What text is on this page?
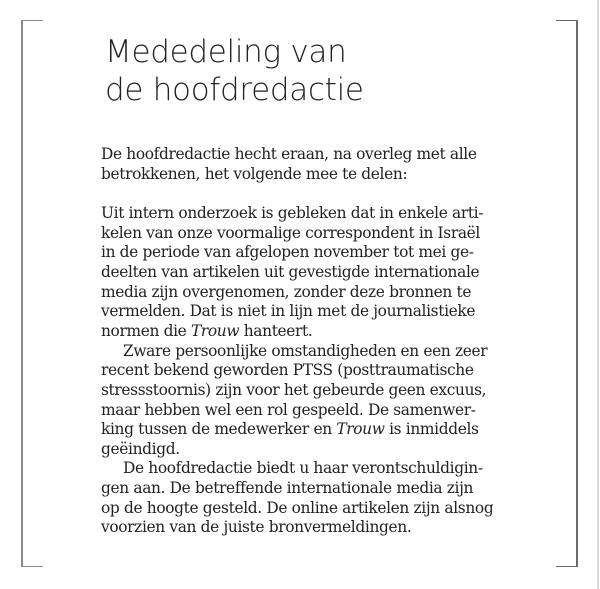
Mededeling van
de hoofdredactie

De hoofdredactie hecht eraan, na overleg met alle
betrokkenen, het volgende mee te delen:

Uit intern onderzoek is gebleken dat in enkele arti-
kelen van onze voormalige correspondent in Israël
in de periode van afgelopen november tot mei ge-
deelten van artikelen uit gevestigde internationale
media zijn overgenomen, zonder deze bronnen te
vermelden. Dat is niet in lijn met de journalistieke
normen die Trouw hanteert.

Zware persoonlijke omstandigheden en een zeer
recent bekend geworden PTSS (posttraumatische
stressstoornis) zijn voor het gebeurde geen excuus,
maar hebben wel een rol gespeeld. De samenwer-
king tussen de medewerker en Trouw is inmiddels
geëindigd.

De hoofdredactie biedt u haar verontschuldigin-
gen aan. De betreffende internationale media zijn
op de hoogte gesteld. De online artikelen zijn alsnog
voorzien van de juiste bronvermeldingen.
